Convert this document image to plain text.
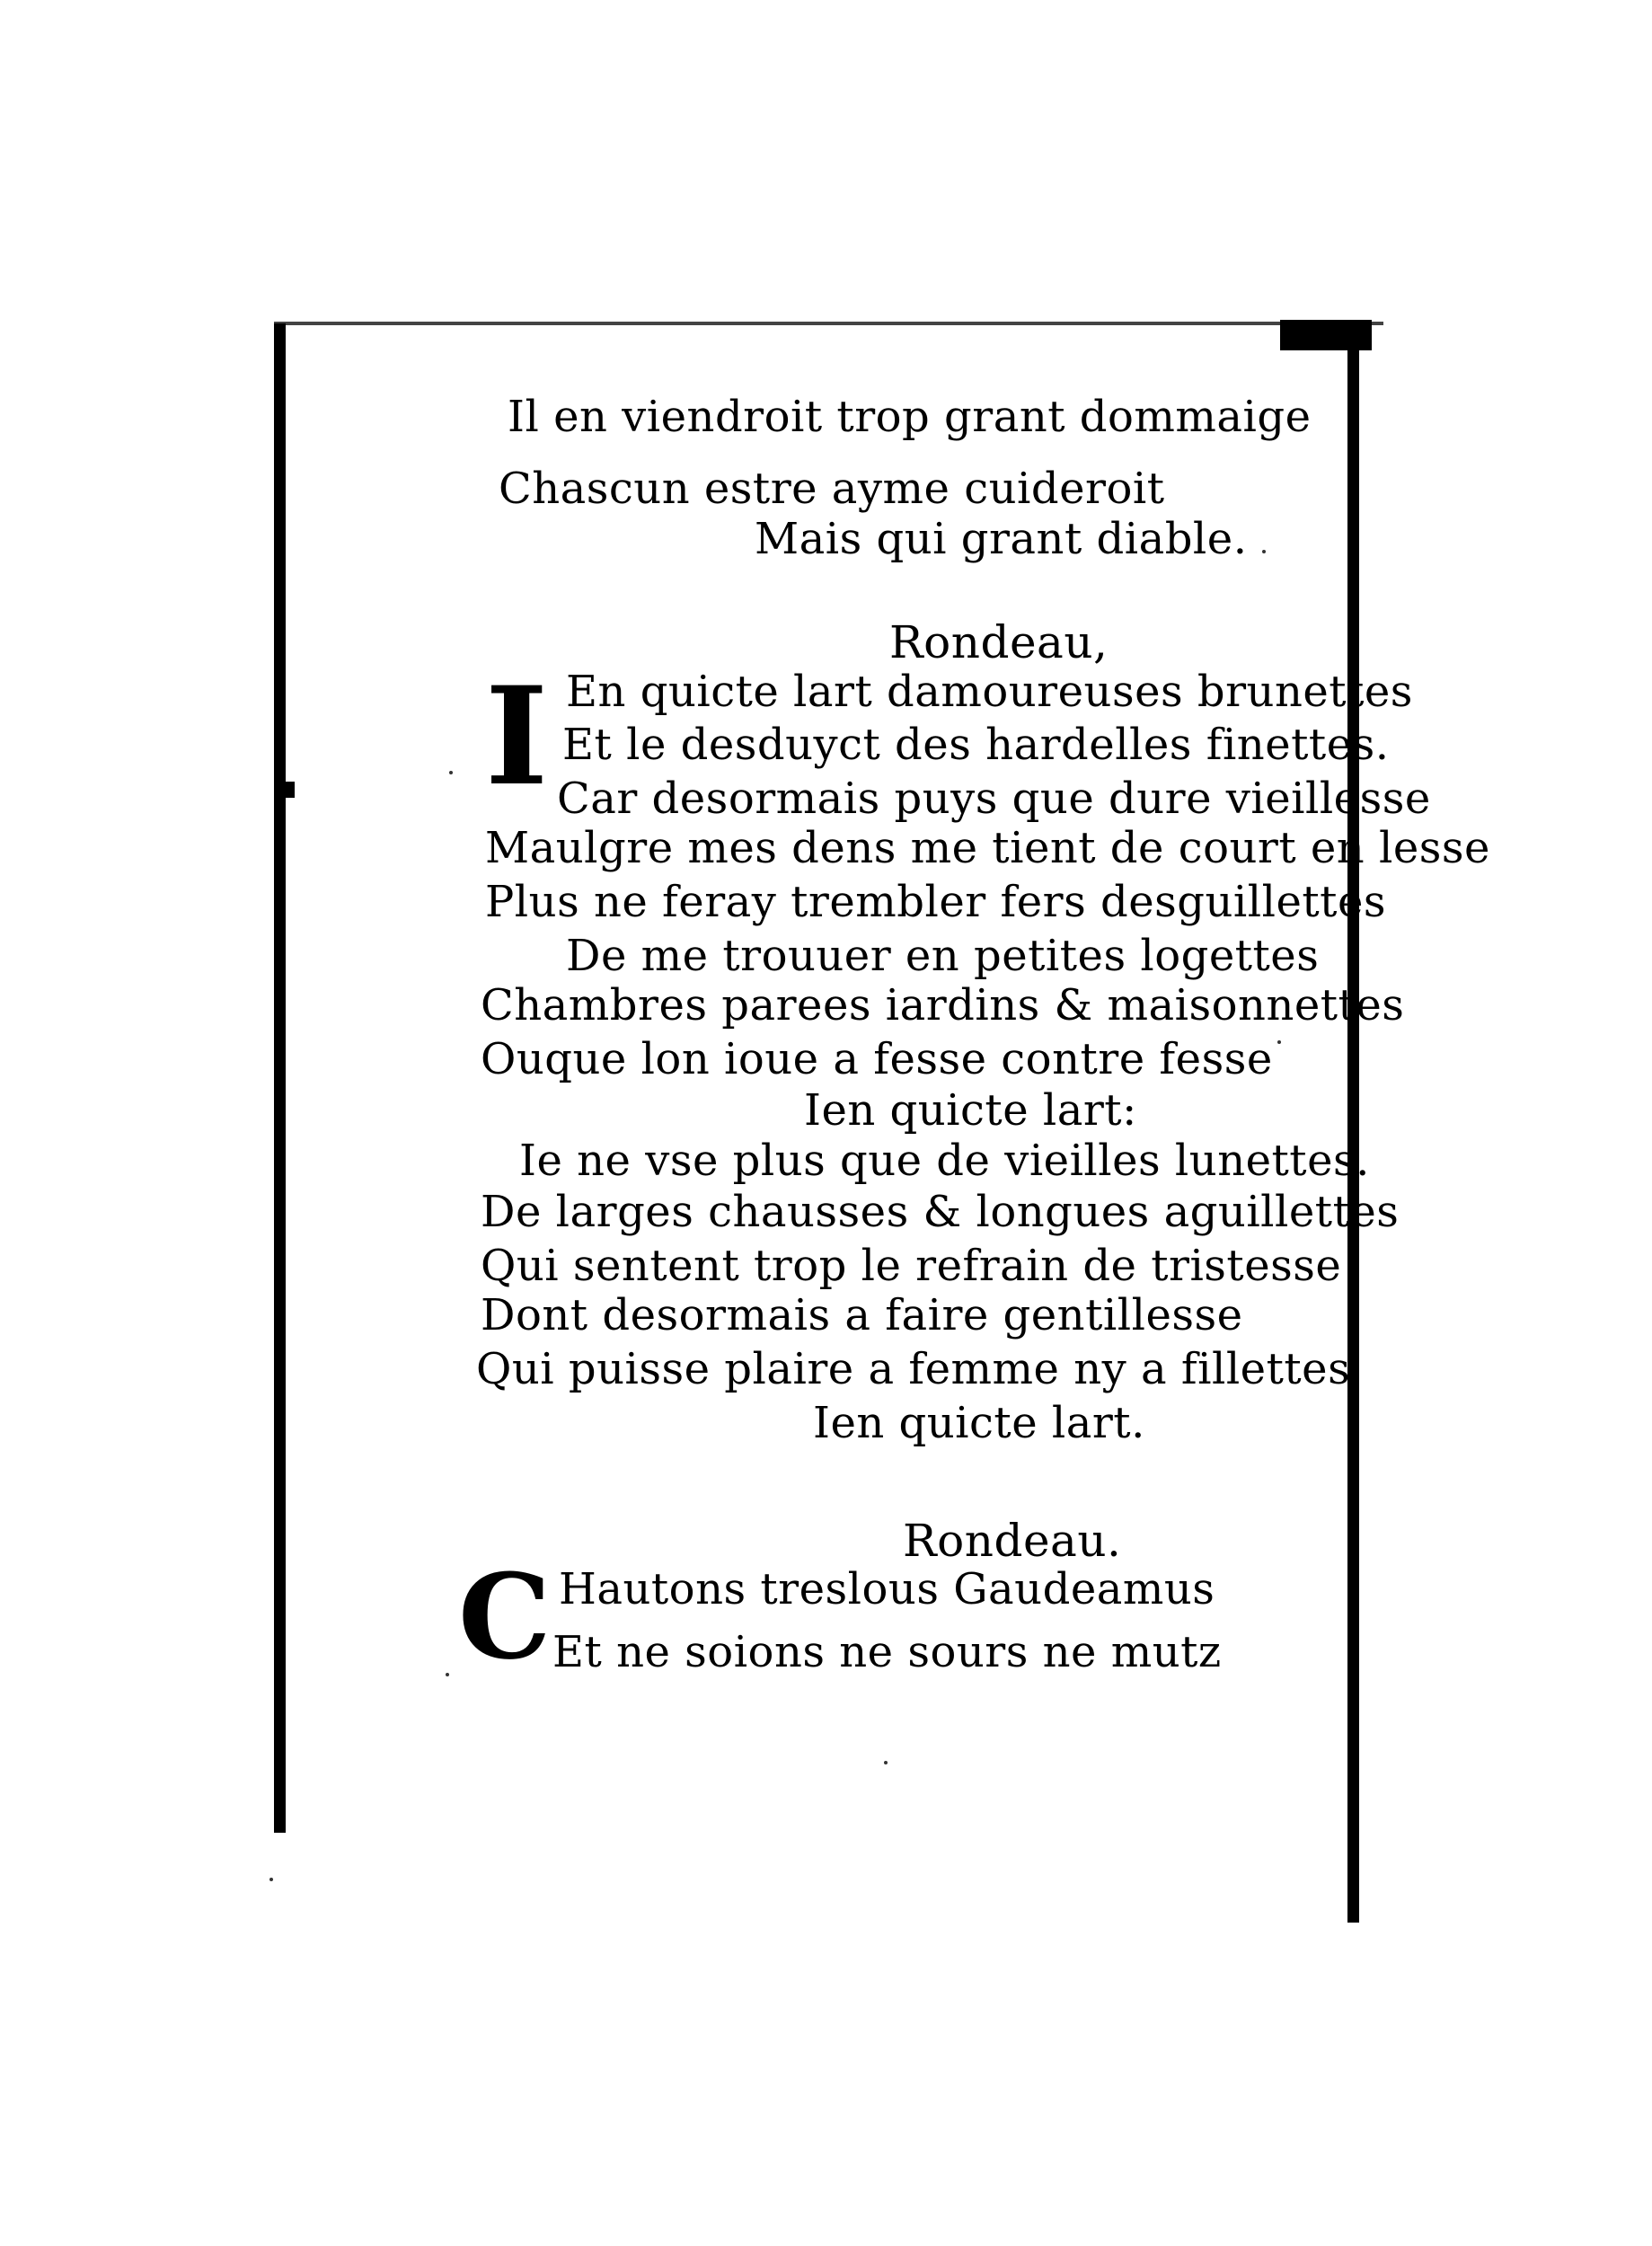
Il en viendroit trop grant dommaige
Chascun estre ayme cuideroit
Mais qui grant diable.
Rondeau,
I En quicte lart damoureuses brunettes
Et le desduyct des hardelles finettes.
Car desormais puys que dure vieillesse
Maulgre mes dens me tient de court en lesse
Plus ne feray trembler fers desguillettes
De me trouuer en petites logettes
Chambres parees iardins & maisonnettes
Ouque lon ioue a fesse contre fesse
Ien quicte lart:
Ie ne vse plus que de vieilles lunettes.
De larges chausses & longues aguillettes
Qui sentent trop le refrain de tristesse
Dont desormais a faire gentillesse
Qui puisse plaire a femme ny a fillettes
Ien quicte lart.
Rondeau.
C Hautons treslous Gaudeamus
Et ne soions ne sours ne mutz
